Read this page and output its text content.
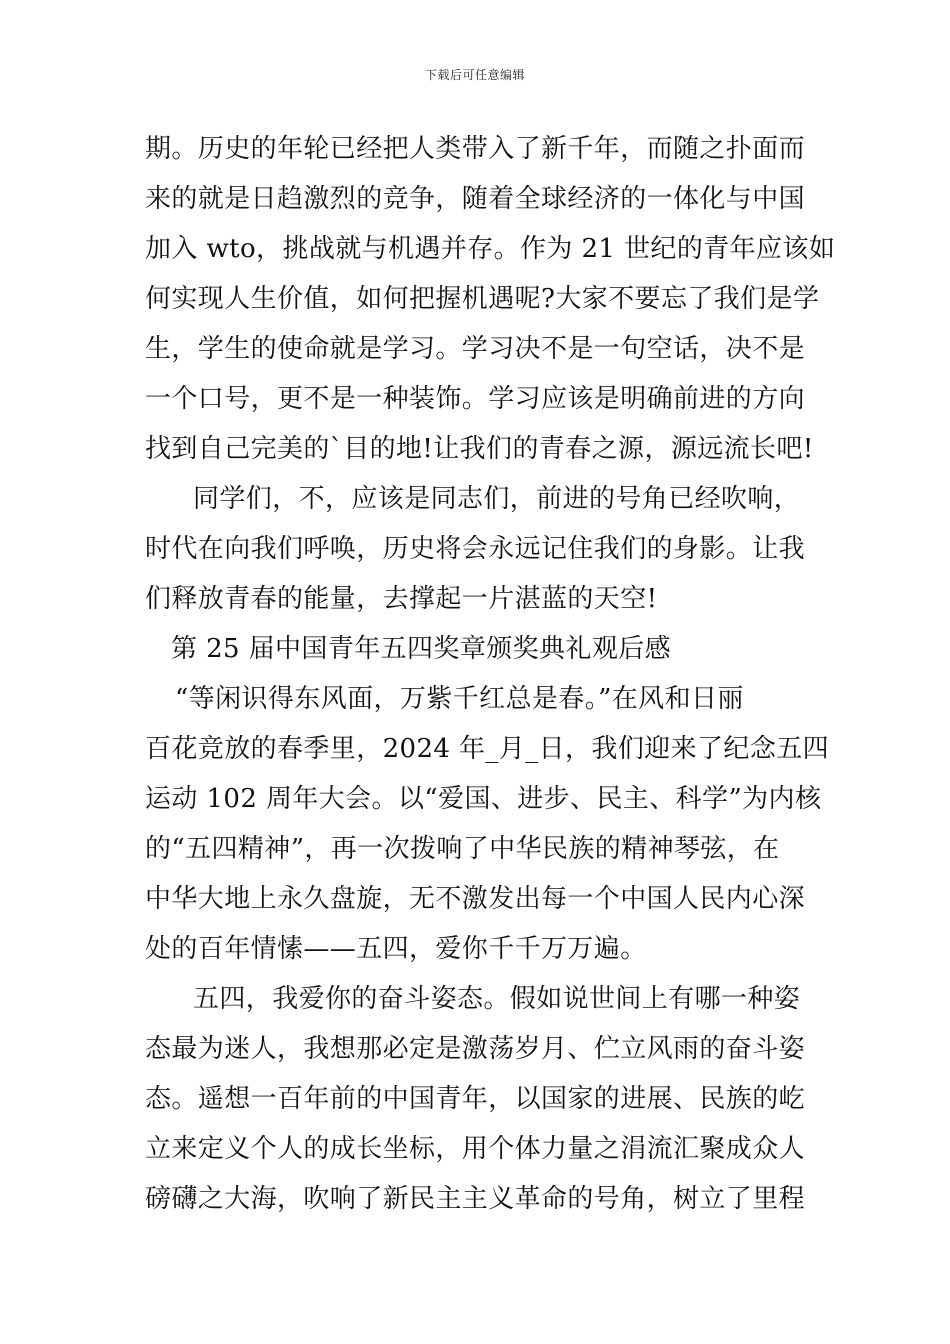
下载后可任意编辑
期。历史的年轮已经把人类带入了新千年，而随之扑面而
来的就是日趋激烈的竞争，随着全球经济的一体化与中国
加入 wto，挑战就与机遇并存。作为 21 世纪的青年应该如
何实现人生价值，如何把握机遇呢?大家不要忘了我们是学
生，学生的使命就是学习。学习决不是一句空话，决不是
一个口号，更不是一种装饰。学习应该是明确前进的方向
找到自己完美的`目的地!让我们的青春之源，源远流长吧!
同学们，不，应该是同志们，前进的号角已经吹响，
时代在向我们呼唤，历史将会永远记住我们的身影。让我
们释放青春的能量，去撑起一片湛蓝的天空!
第 25 届中国青年五四奖章颁奖典礼观后感
“等闲识得东风面，万紫千红总是春。”在风和日丽
百花竞放的春季里，2024 年_月_日，我们迎来了纪念五四
运动 102 周年大会。以“爱国、进步、民主、科学”为内核
的“五四精神”，再一次拨响了中华民族的精神琴弦，在
中华大地上永久盘旋，无不激发出每一个中国人民内心深
处的百年情愫——五四，爱你千千万万遍。
五四，我爱你的奋斗姿态。假如说世间上有哪一种姿
态最为迷人，我想那必定是激荡岁月、伫立风雨的奋斗姿
态。遥想一百年前的中国青年，以国家的进展、民族的屹
立来定义个人的成长坐标，用个体力量之涓流汇聚成众人
磅礴之大海，吹响了新民主主义革命的号角，树立了里程
